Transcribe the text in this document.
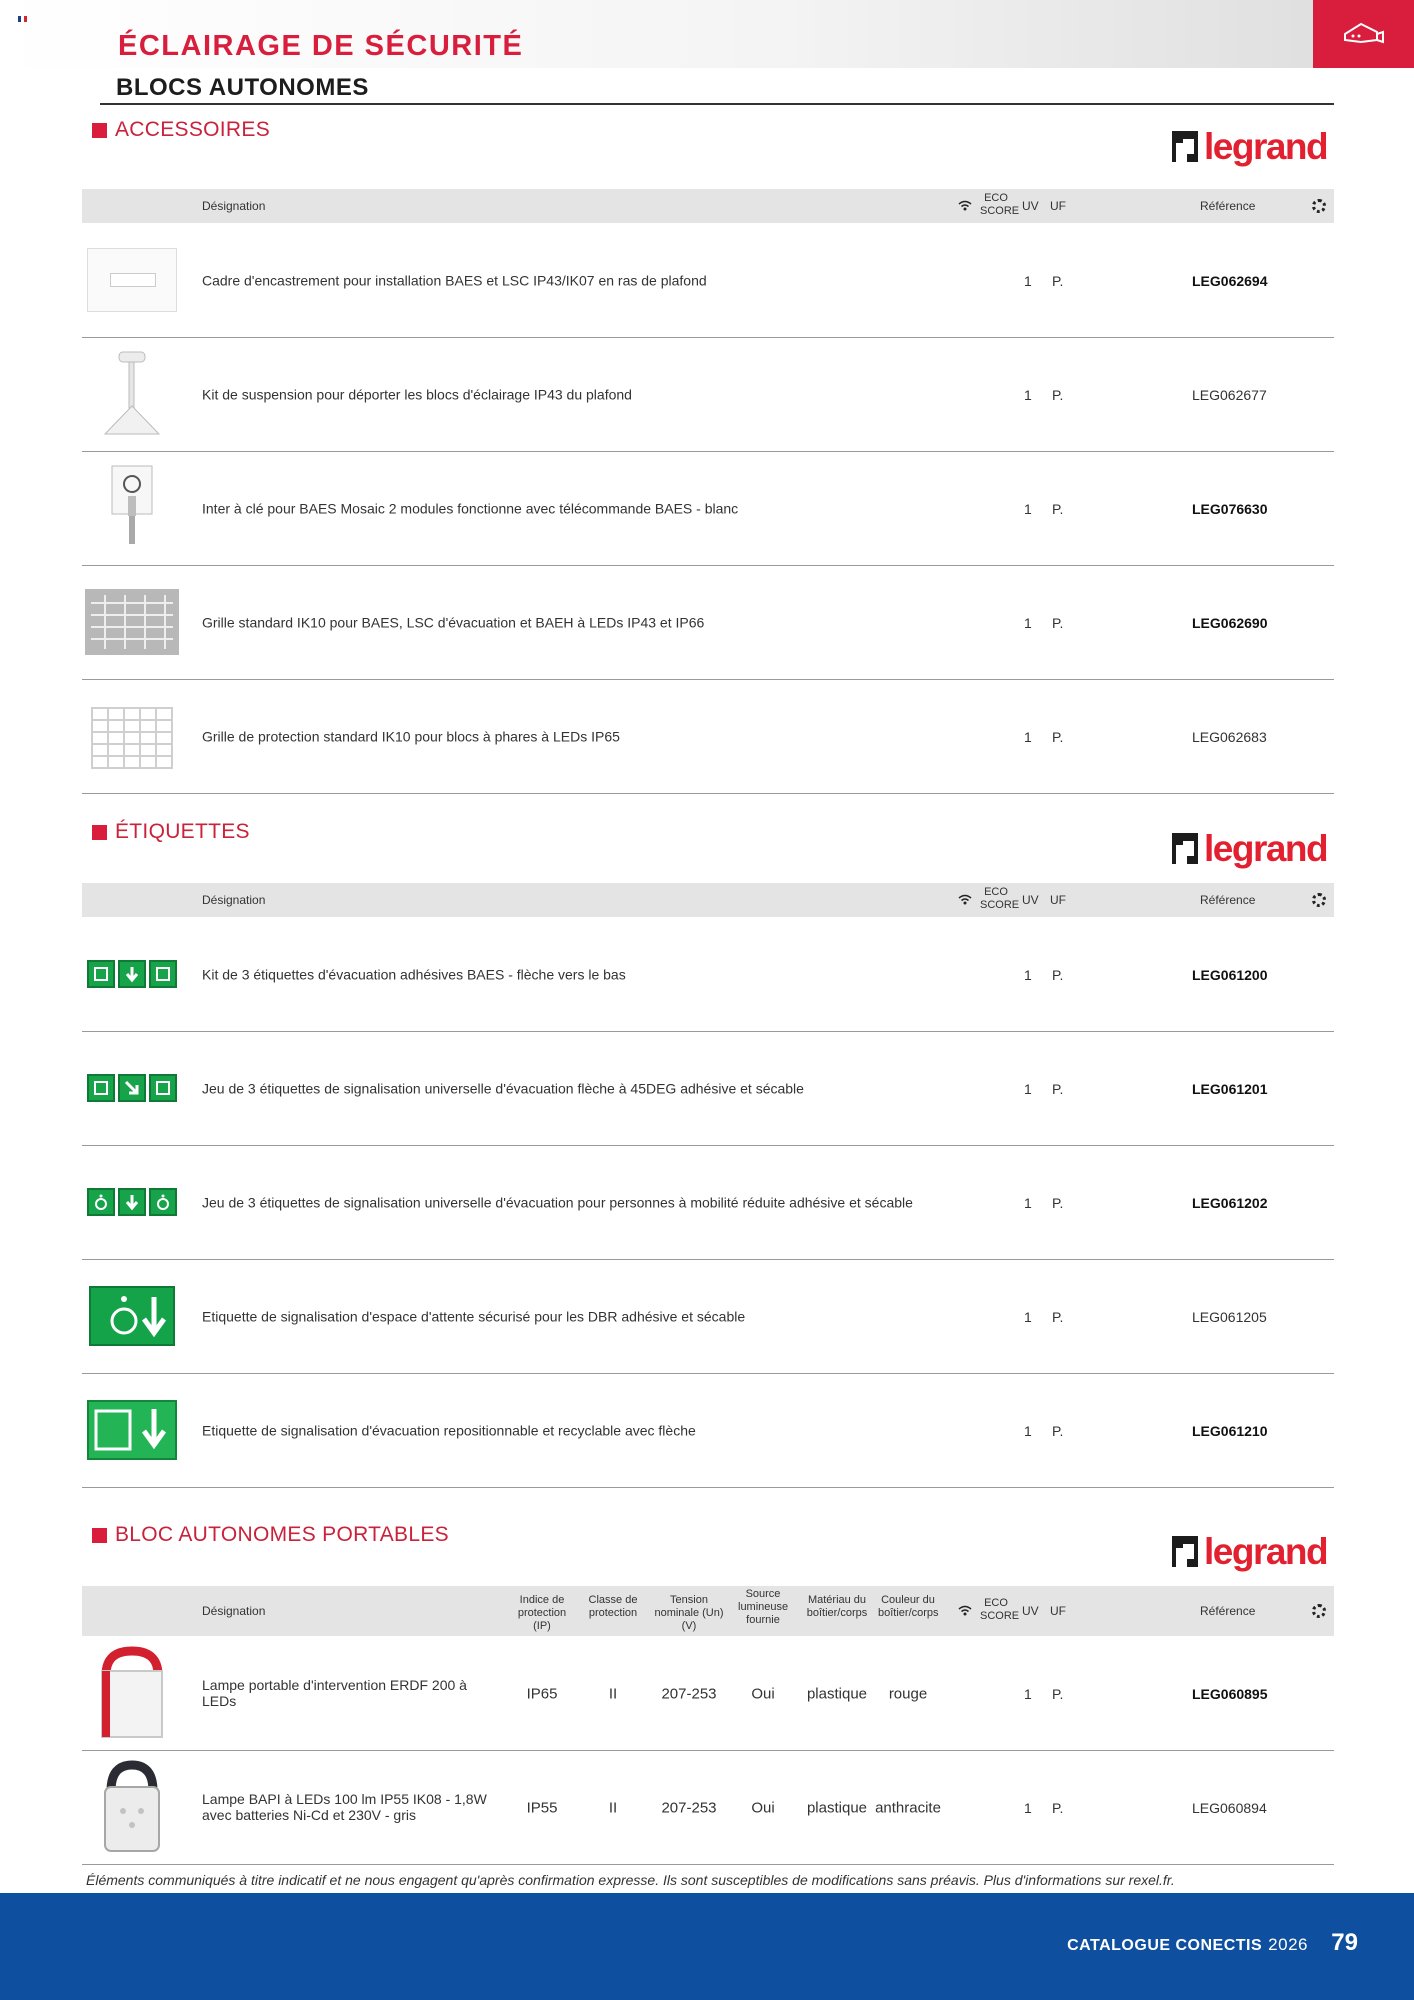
ÉCLAIRAGE DE SÉCURITÉ
BLOCS AUTONOMES
ACCESSOIRES	legrand
Désignation
ECO SCORE UV UF	Référence
Cadre d'encastrement pour installation BAES et LSC IP43/IK07 en ras de plafond	1 P.	LEG062694
Kit de suspension pour déporter les blocs d'éclairage IP43 du plafond	1 P.	LEG062677
Inter à clé pour BAES Mosaic 2 modules fonctionne avec télécommande BAES - blanc	1 P.	LEG076630
Grille standard IK10 pour BAES, LSC d'évacuation et BAEH à LEDs IP43 et IP66	1 P.	LEG062690
Grille de protection standard IK10 pour blocs à phares à LEDs IP65	1 P.	LEG062683
ÉTIQUETTES	legrand
Désignation
ECO SCORE UV UF	Référence
Kit de 3 étiquettes d'évacuation adhésives BAES - flèche vers le bas	1 P.	LEG061200
Jeu de 3 étiquettes de signalisation universelle d'évacuation flèche à 45DEG adhésive et sécable	1 P.	LEG061201
Jeu de 3 étiquettes de signalisation universelle d'évacuation pour personnes à mobilité réduite adhésive et sécable	1 P.	LEG061202
Etiquette de signalisation d'espace d'attente sécurisé pour les DBR adhésive et sécable	1 P.	LEG061205
Etiquette de signalisation d'évacuation repositionnable et recyclable avec flèche	1 P.	LEG061210
BLOC AUTONOMES PORTABLES	legrand
Désignation
Indice de protection (IP)
Classe de protection
Tension nominale (Un) (V)
Source lumineuse fournie
Matériau du boîtier/corps
Couleur du boîtier/corps
ECO SCORE UV UF	Référence
Lampe portable d'intervention ERDF 200 à LEDs	IP65	II	207-253	Oui	plastique	rouge	1 P.	LEG060895
Lampe BAPI à LEDs 100 lm IP55 IK08 - 1,8W avec batteries Ni-Cd et 230V - gris	IP55	II	207-253	Oui	plastique anthracite	1 P.	LEG060894
Éléments communiqués à titre indicatif et ne nous engagent qu'après confirmation expresse. Ils sont susceptibles de modifications sans préavis. Plus d'informations sur rexel.fr.
CATALOGUE CONECTIS 2026 79
